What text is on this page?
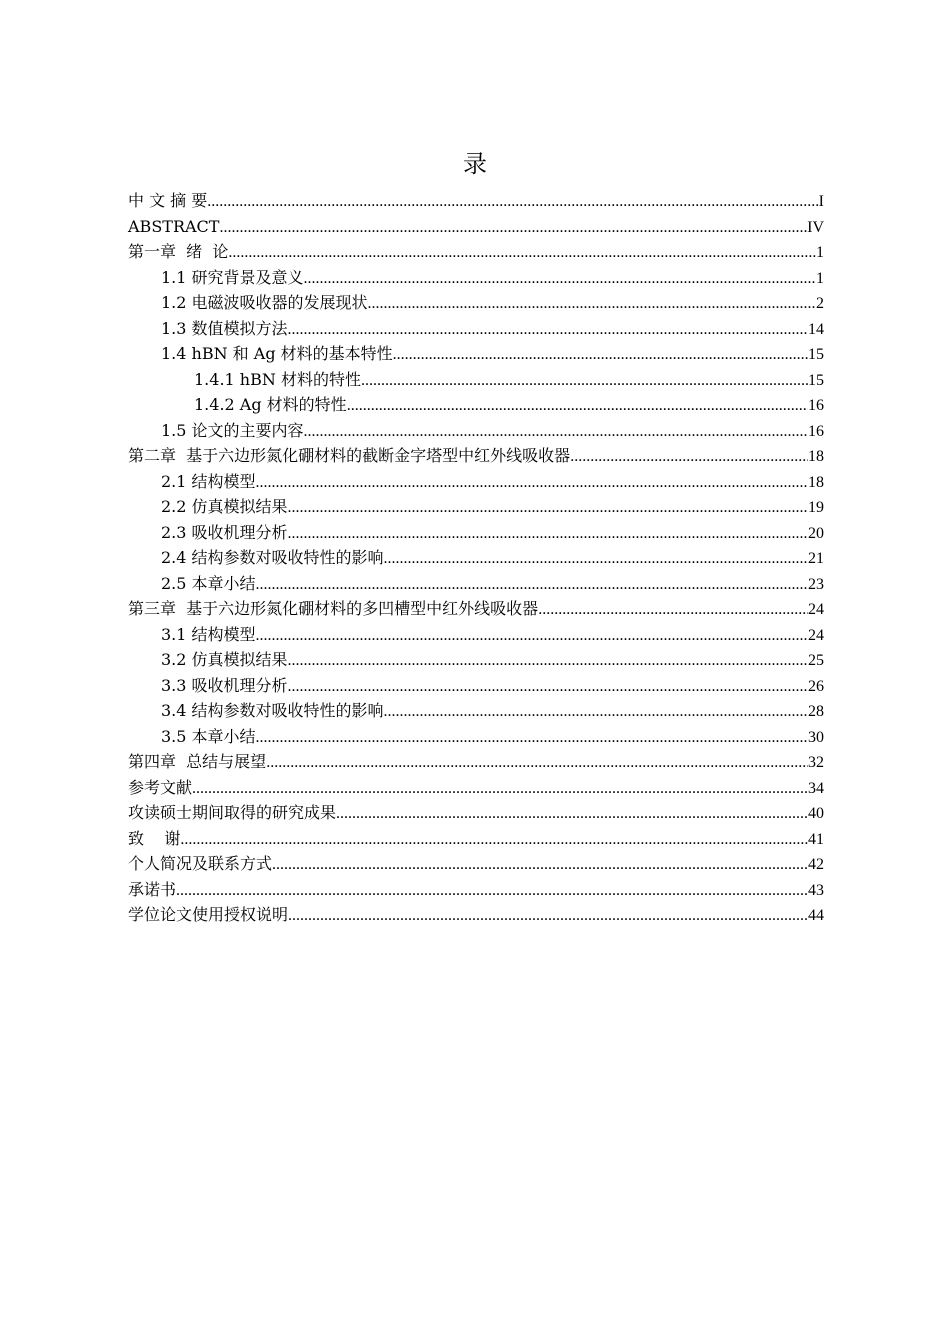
录
中 文 摘 要 .....	I
ABSTRACT .....	IV
第一章  绪  论 .....	1
1.1 研究背景及意义 .....	1
1.2 电磁波吸收器的发展现状 .....	2
1.3 数值模拟方法 .....	14
1.4 hBN 和 Ag 材料的基本特性 .....	15
1.4.1 hBN 材料的特性 .....	15
1.4.2 Ag 材料的特性 .....	16
1.5 论文的主要内容 .....	16
第二章  基于六边形氮化硼材料的截断金字塔型中红外线吸收器 .....	18
2.1 结构模型 .....	18
2.2 仿真模拟结果 .....	19
2.3 吸收机理分析 .....	20
2.4 结构参数对吸收特性的影响 .....	21
2.5 本章小结 .....	23
第三章  基于六边形氮化硼材料的多凹槽型中红外线吸收器 .....	24
3.1 结构模型 .....	24
3.2 仿真模拟结果 .....	25
3.3 吸收机理分析 .....	26
3.4 结构参数对吸收特性的影响 .....	28
3.5 本章小结 .....	30
第四章  总结与展望 .....	32
参考文献 .....	34
攻读硕士期间取得的研究成果 .....	40
致    谢 .....	41
个人简况及联系方式 .....	42
承诺书 .....	43
学位论文使用授权说明 .....	44
